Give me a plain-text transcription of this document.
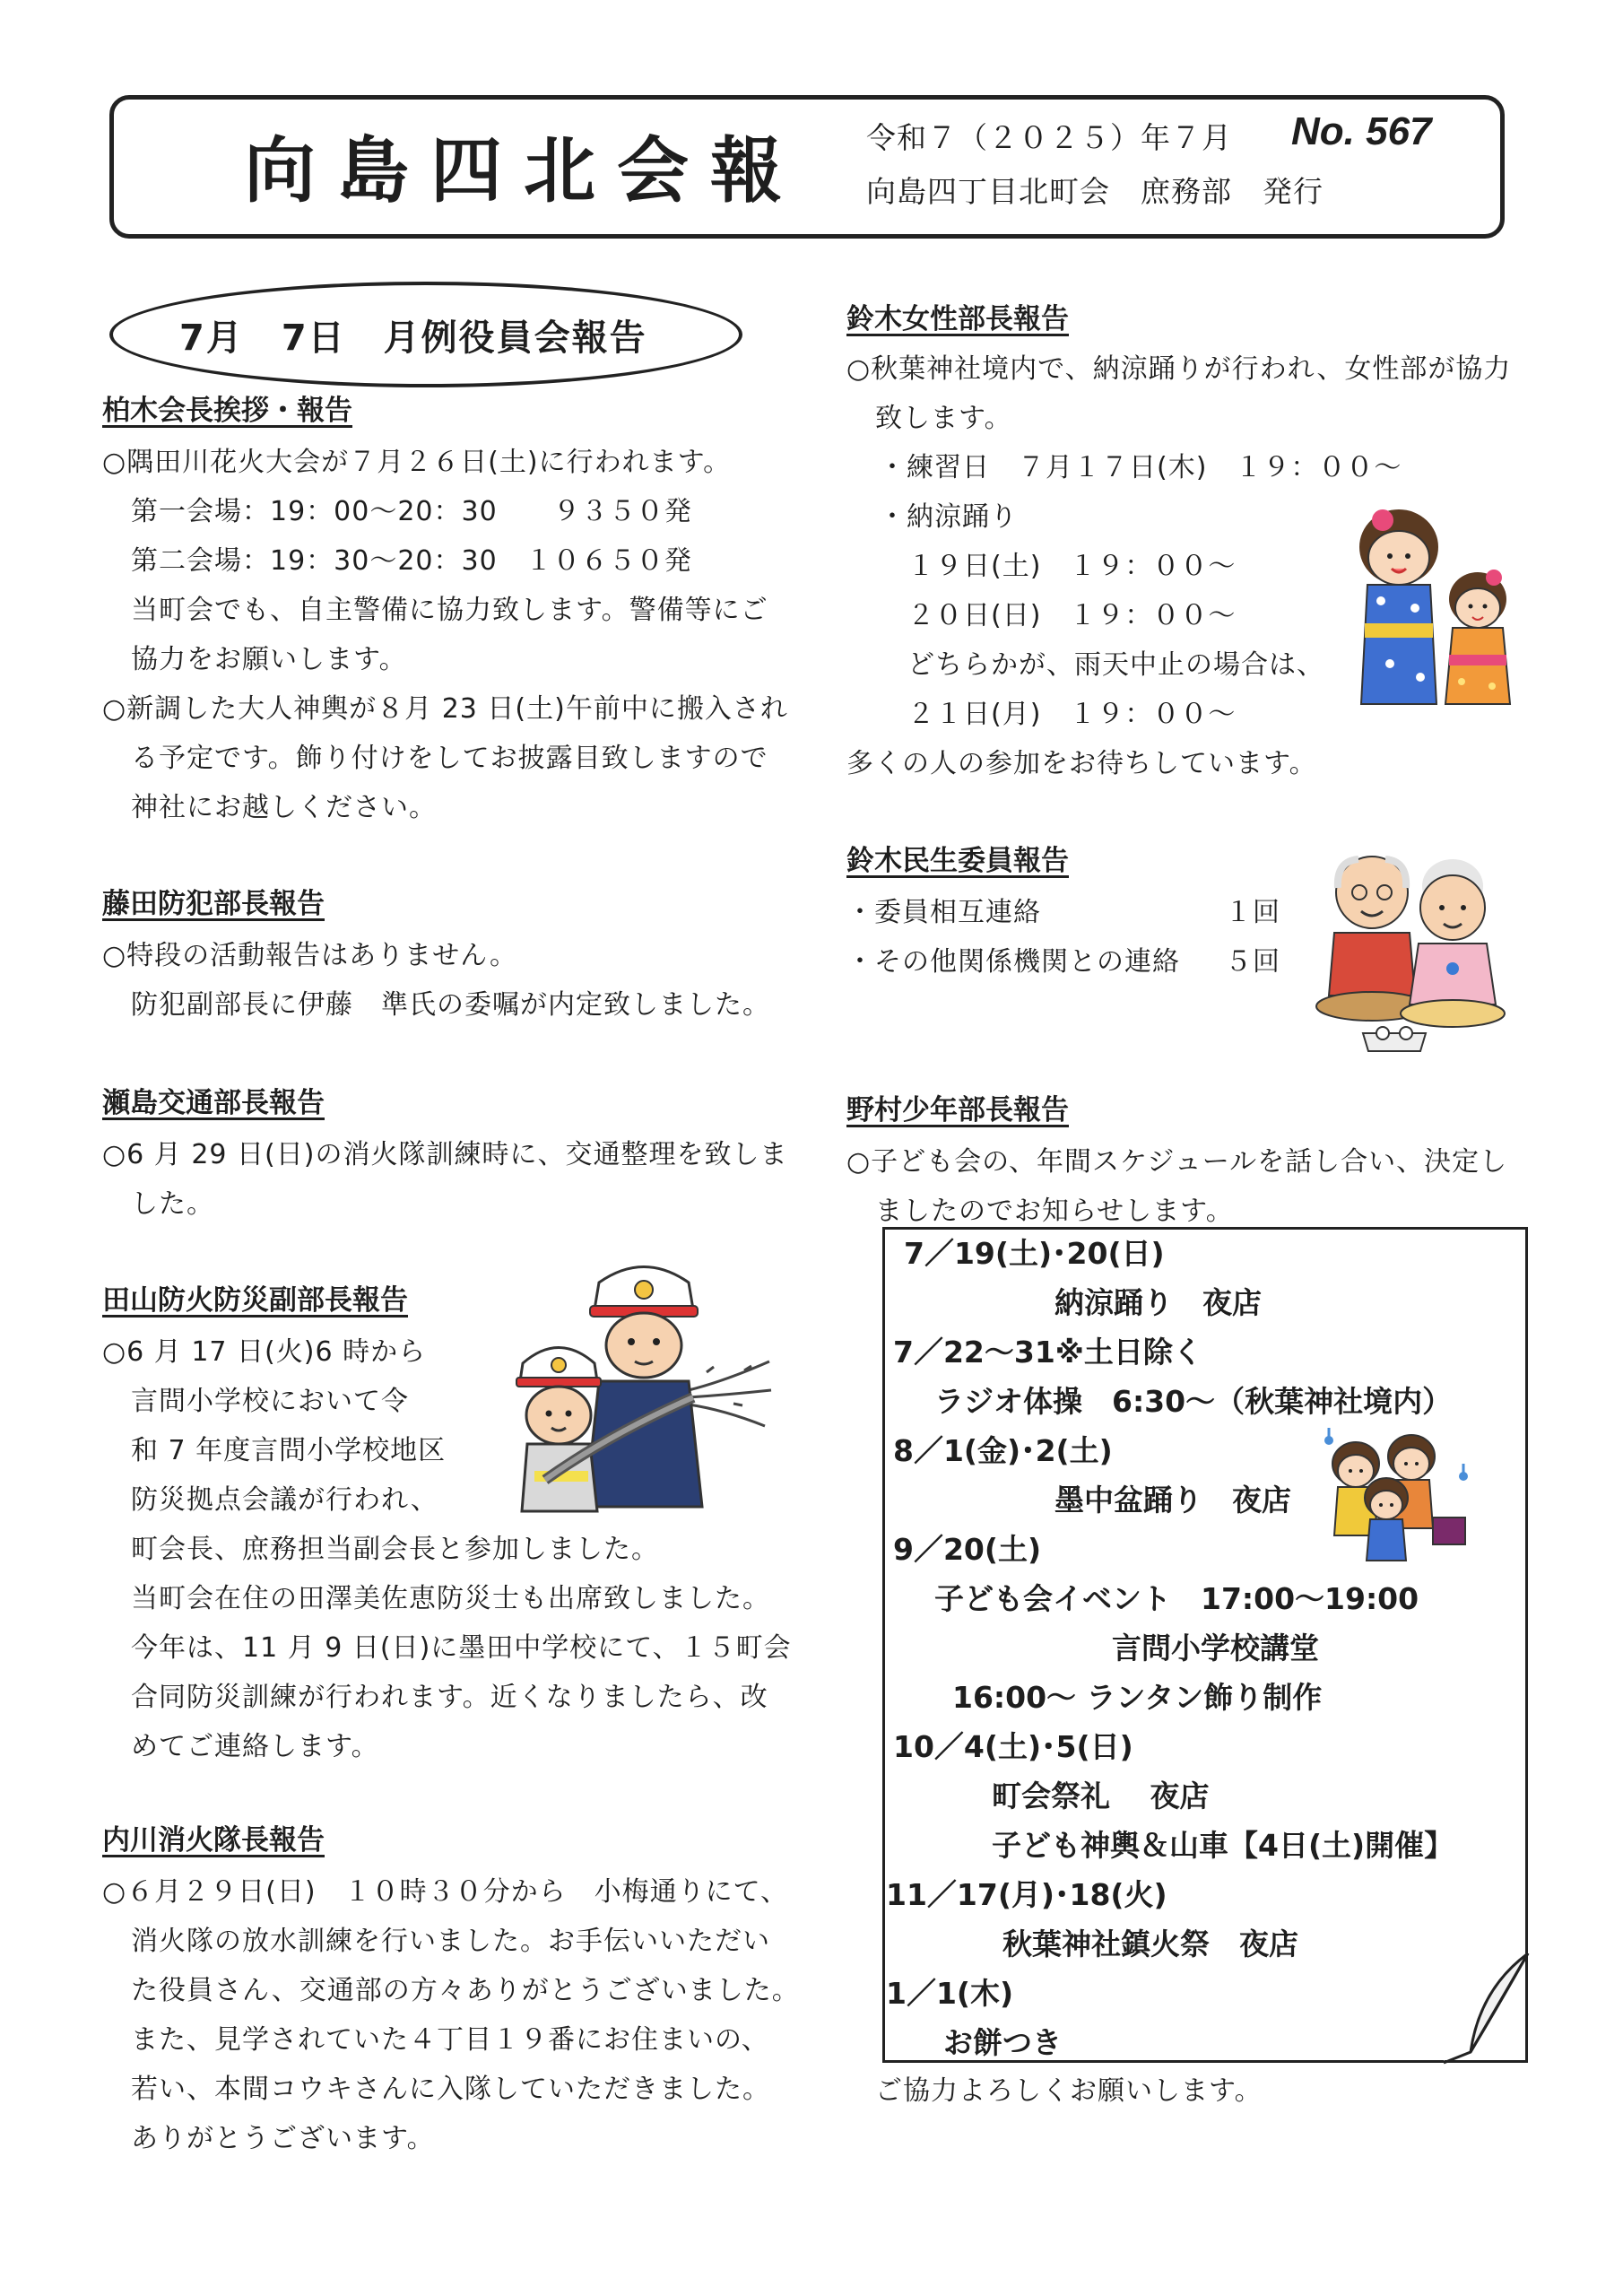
向島四北会報 令和７（２０２５）年７月 No. 567
向島四丁目北町会　庶務部　発行
7月　7日　月例役員会報告
柏木会長挨拶・報告
○隅田川花火大会が７月２６日(土)に行われます。
第一会場：19：00～20：30　　９３５０発
第二会場：19：30～20：30　１０６５０発
当町会でも、自主警備に協力致します。警備等にご
協力をお願いします。
○新調した大人神輿が８月 23 日(土)午前中に搬入され
る予定です。飾り付けをしてお披露目致しますので
神社にお越しください。
藤田防犯部長報告
○特段の活動報告はありません。
防犯副部長に伊藤　準氏の委嘱が内定致しました。
瀬島交通部長報告
○6 月 29 日(日)の消火隊訓練時に、交通整理を致しま
した。
田山防火防災副部長報告
○6 月 17 日(火)6 時から
言問小学校において令
和 7 年度言問小学校地区
防災拠点会議が行われ、
町会長、庶務担当副会長と参加しました。
当町会在住の田澤美佐恵防災士も出席致しました。
今年は、11 月 9 日(日)に墨田中学校にて、１５町会
合同防災訓練が行われます。近くなりましたら、改
めてご連絡します。
内川消火隊長報告
○６月２９日(日)　１０時３０分から　小梅通りにて、
消火隊の放水訓練を行いました。お手伝いいただい
た役員さん、交通部の方々ありがとうございました。
また、見学されていた４丁目１９番にお住まいの、
若い、本間コウキさんに入隊していただきました。
ありがとうございます。
鈴木女性部長報告
○秋葉神社境内で、納涼踊りが行われ、女性部が協力
致します。
・練習日　７月１７日(木)　１９：００～
・納涼踊り
１９日(土)　１９：００～
２０日(日)　１９：００～
どちらかが、雨天中止の場合は、
２１日(月)　１９：００～
多くの人の参加をお待ちしています。
鈴木民生委員報告
・委員相互連絡	１回
・その他関係機関との連絡 ５回
野村少年部長報告
○子ども会の、年間スケジュールを話し合い、決定し
ましたのでお知らせします。
7／19(土)･20(日)
納涼踊り　夜店
7／22～31※土日除く
ラジオ体操　6:30～（秋葉神社境内）
8／1(金)･2(土)
墨中盆踊り　夜店
9／20(土)
子ども会イベント　17:00～19:00
言問小学校講堂
16:00～ ランタン飾り制作
10／4(土)･5(日)
町会祭礼　 夜店
子ども神輿＆山車【4日(土)開催】
11／17(月)･18(火)
秋葉神社鎮火祭　夜店
1／1(木)
お餅つき
ご協力よろしくお願いします。
